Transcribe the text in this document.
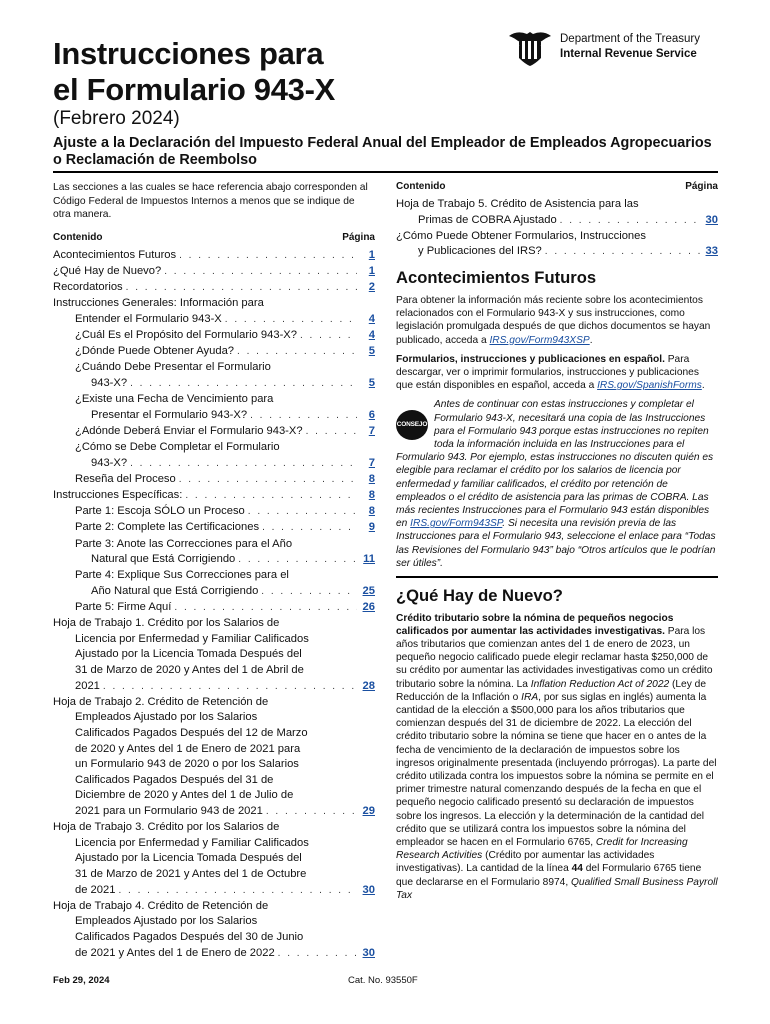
Instrucciones para
el Formulario 943-X
(Febrero 2024)
Ajuste a la Declaración del Impuesto Federal Anual del Empleador de Empleados Agropecuarios o Reclamación de Reembolso
Department of the Treasury
Internal Revenue Service
Las secciones a las cuales se hace referencia abajo corresponden al Código Federal de Impuestos Internos a menos que se indique de otra manera.
Contenido	Página
Acontecimientos Futuros . . .	1
¿Qué Hay de Nuevo? . . .	1
Recordatorios . . .	2
Instrucciones Generales: Información para
Entender el Formulario 943-X . . .	4
¿Cuál Es el Propósito del Formulario 943-X? . . .	4
¿Dónde Puede Obtener Ayuda? . . .	5
¿Cuándo Debe Presentar el Formulario
943-X? . . .	5
¿Existe una Fecha de Vencimiento para
Presentar el Formulario 943-X? . . .	6
¿Adónde Deberá Enviar el Formulario 943-X? . . .	7
¿Cómo se Debe Completar el Formulario
943-X? . . .	7
Reseña del Proceso . . .	8
Instrucciones Específicas: . . .	8
Parte 1: Escoja SÓLO un Proceso . . .	8
Parte 2: Complete las Certificaciones . . .	9
Parte 3: Anote las Correcciones para el Año
Natural que Está Corrigiendo . . .	11
Parte 4: Explique Sus Correcciones para el
Año Natural que Está Corrigiendo . . .	25
Parte 5: Firme Aquí . . .	26
Hoja de Trabajo 1. Crédito por los Salarios de
Licencia por Enfermedad y Familiar Calificados
Ajustado por la Licencia Tomada Después del
31 de Marzo de 2020 y Antes del 1 de Abril de
2021 . . .	28
Hoja de Trabajo 2. Crédito de Retención de
Empleados Ajustado por los Salarios
Calificados Pagados Después del 12 de Marzo
de 2020 y Antes del 1 de Enero de 2021 para
un Formulario 943 de 2020 o por los Salarios
Calificados Pagados Después del 31 de
Diciembre de 2020 y Antes del 1 de Julio de
2021 para un Formulario 943 de 2021 . . .	29
Hoja de Trabajo 3. Crédito por los Salarios de
Licencia por Enfermedad y Familiar Calificados
Ajustado por la Licencia Tomada Después del
31 de Marzo de 2021 y Antes del 1 de Octubre
de 2021 . . .	30
Hoja de Trabajo 4. Crédito de Retención de
Empleados Ajustado por los Salarios
Calificados Pagados Después del 30 de Junio
de 2021 y Antes del 1 de Enero de 2022 . . .	30
Contenido	Página
Hoja de Trabajo 5. Crédito de Asistencia para las
Primas de COBRA Ajustado . . .	30
¿Cómo Puede Obtener Formularios, Instrucciones
y Publicaciones del IRS? . . .	33
Acontecimientos Futuros
Para obtener la información más reciente sobre los acontecimientos relacionados con el Formulario 943-X y sus instrucciones, como legislación promulgada después de que dichos documentos se hayan publicado, acceda a IRS.gov/Form943XSP.
Formularios, instrucciones y publicaciones en español. Para descargar, ver o imprimir formularios, instrucciones y publicaciones que están disponibles en español, acceda a IRS.gov/SpanishForms.
CONSEJO
Antes de continuar con estas instrucciones y completar el Formulario 943-X, necesitará una copia de las Instrucciones para el Formulario 943 porque estas instrucciones no repiten toda la información incluida en las Instrucciones para el Formulario 943. Por ejemplo, estas instrucciones no discuten quién es elegible para reclamar el crédito por los salarios de licencia por enfermedad y familiar calificados, el crédito por retención de empleados o el crédito de asistencia para las primas de COBRA. Las más recientes Instrucciones para el Formulario 943 están disponibles en IRS.gov/Form943SP. Si necesita una revisión previa de las Instrucciones para el Formulario 943, seleccione el enlace para “Todas las Revisiones del Formulario 943” bajo “Otros artículos que le podrían ser útiles”.
¿Qué Hay de Nuevo?
Crédito tributario sobre la nómina de pequeños negocios calificados por aumentar las actividades investigativas. Para los años tributarios que comienzan antes del 1 de enero de 2023, un pequeño negocio calificado puede elegir reclamar hasta $250,000 de su crédito por aumentar las actividades investigativas como un crédito tributario sobre la nómina. La Inflation Reduction Act of 2022 (Ley de Reducción de la Inflación o IRA, por sus siglas en inglés) aumenta la cantidad de la elección a $500,000 para los años tributarios que comienzan después del 31 de diciembre de 2022. La elección del crédito tributario sobre la nómina se tiene que hacer en o antes de la fecha de vencimiento de la declaración de impuestos sobre los ingresos originalmente presentada (incluyendo prórrogas). La parte del crédito utilizada contra los impuestos sobre la nómina se permite en el primer trimestre natural comenzando después de la fecha en que el pequeño negocio calificado presentó su declaración de impuestos sobre los ingresos. La elección y la determinación de la cantidad del crédito que se utilizará contra los impuestos sobre la nómina del empleador se hacen en el Formulario 6765, Credit for Increasing Research Activities (Crédito por aumentar las actividades investigativas). La cantidad de la línea 44 del Formulario 6765 tiene que declararse en el Formulario 8974, Qualified Small Business Payroll Tax
Feb 29, 2024	Cat. No. 93550F
